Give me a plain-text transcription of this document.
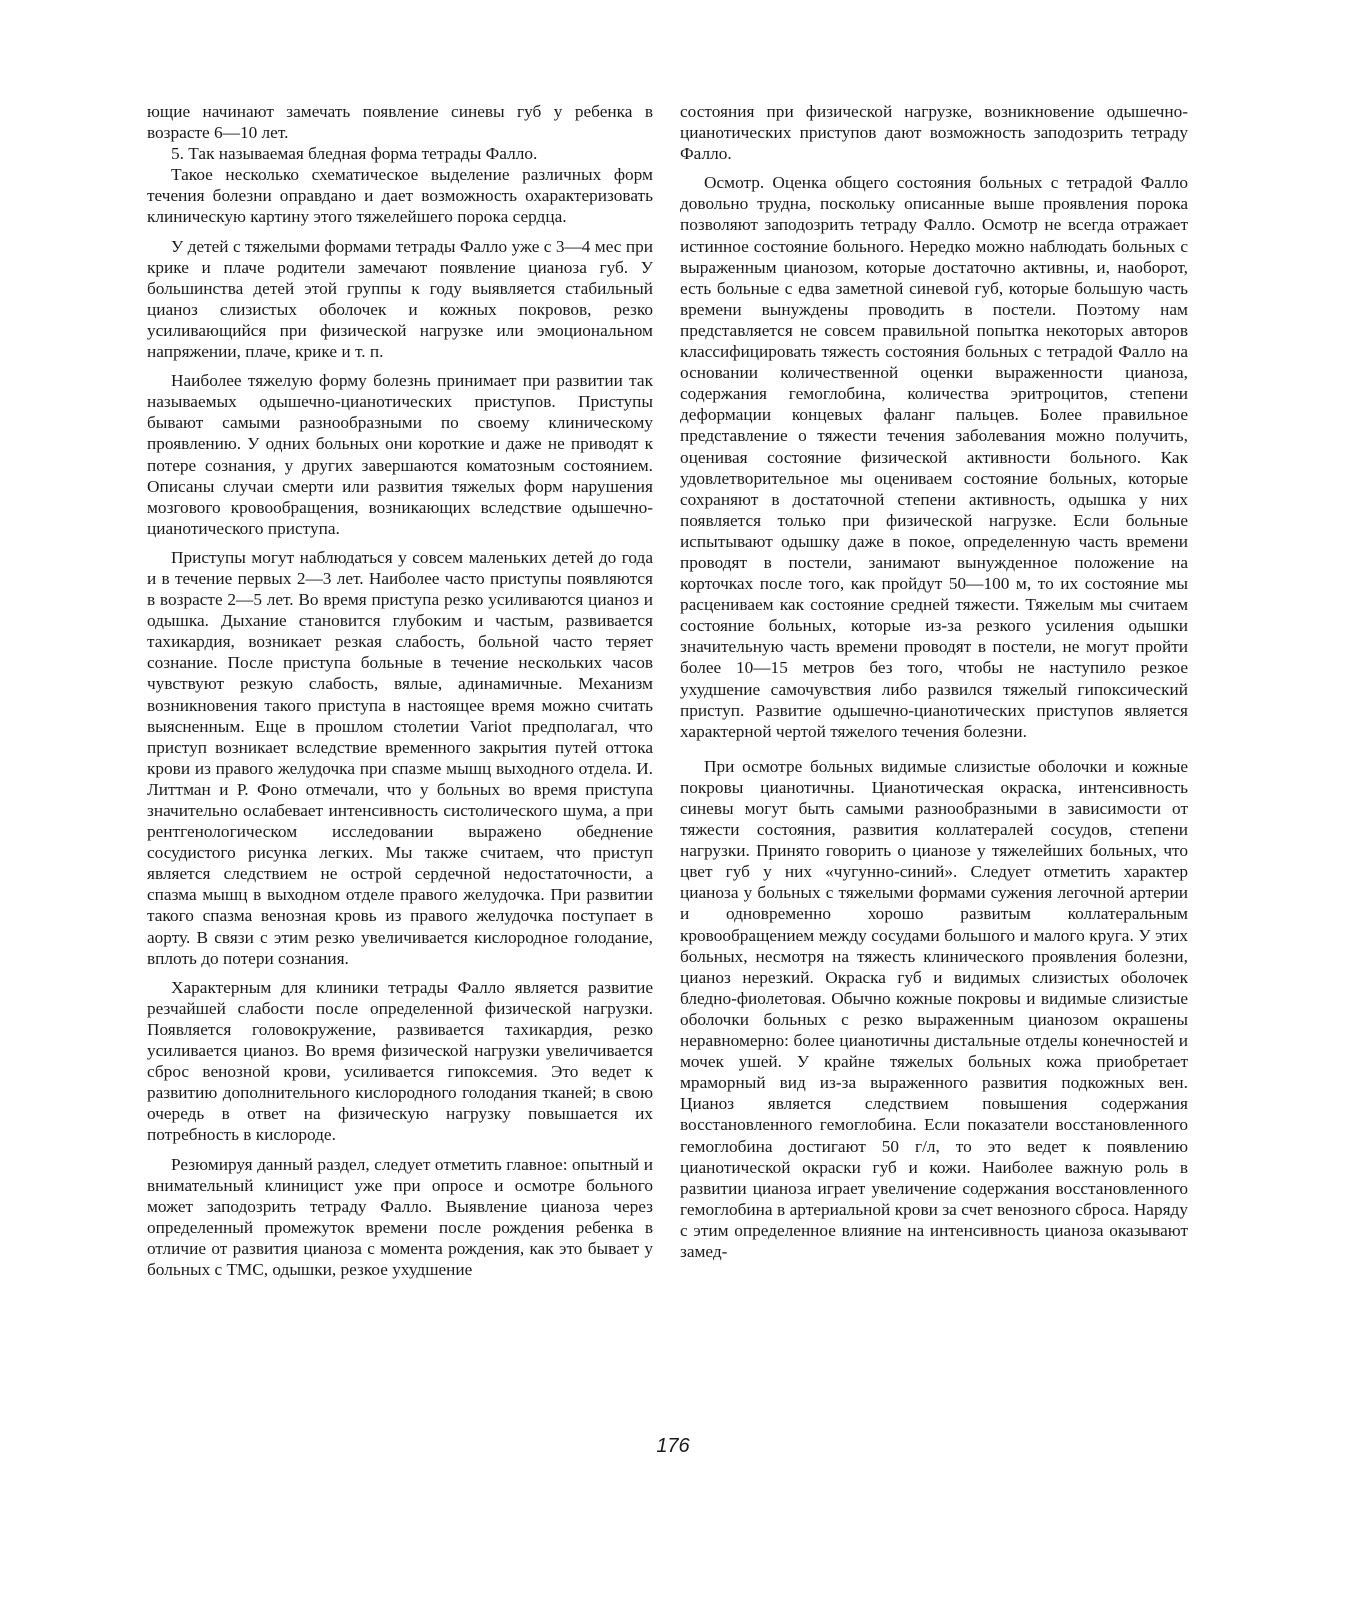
ющие начинают замечать появление синевы губ у ребенка в возрасте 6—10 лет.

5. Так называемая бледная форма тетрады Фалло.

Такое несколько схематическое выделение различных форм течения болезни оправдано и дает возможность охарактеризовать клиническую картину этого тяжелейшего порока сердца.

У детей с тяжелыми формами тетрады Фалло уже с 3—4 мес при крике и плаче родители замечают появление цианоза губ. У большинства детей этой группы к году выявляется стабильный цианоз слизистых оболочек и кожных покровов, резко усиливающийся при физической нагрузке или эмоциональном напряжении, плаче, крике и т. п.

Наиболее тяжелую форму болезнь принимает при развитии так называемых одышечно-цианотических приступов. Приступы бывают самыми разнообразными по своему клиническому проявлению. У одних больных они короткие и даже не приводят к потере сознания, у других завершаются коматозным состоянием. Описаны случаи смерти или развития тяжелых форм нарушения мозгового кровообращения, возникающих вследствие одышечно-цианотического приступа.

Приступы могут наблюдаться у совсем маленьких детей до года и в течение первых 2—3 лет. Наиболее часто приступы появляются в возрасте 2—5 лет. Во время приступа резко усиливаются цианоз и одышка. Дыхание становится глубоким и частым, развивается тахикардия, возникает резкая слабость, больной часто теряет сознание. После приступа больные в течение нескольких часов чувствуют резкую слабость, вялые, адинамичные. Механизм возникновения такого приступа в настоящее время можно считать выясненным. Еще в прошлом столетии Variot предполагал, что приступ возникает вследствие временного закрытия путей оттока крови из правого желудочка при спазме мышц выходного отдела. И. Литтман и Р. Фоно отмечали, что у больных во время приступа значительно ослабевает интенсивность систолического шума, а при рентгенологическом исследовании выражено обеднение сосудистого рисунка легких. Мы также считаем, что приступ является следствием не острой сердечной недостаточности, а спазма мышц в выходном отделе правого желудочка. При развитии такого спазма венозная кровь из правого желудочка поступает в аорту. В связи с этим резко увеличивается кислородное голодание, вплоть до потери сознания.

Характерным для клиники тетрады Фалло является развитие резчайшей слабости после определенной физической нагрузки. Появляется головокружение, развивается тахикардия, резко усиливается цианоз. Во время физической нагрузки увеличивается сброс венозной крови, усиливается гипоксемия. Это ведет к развитию дополнительного кислородного голодания тканей; в свою очередь в ответ на физическую нагрузку повышается их потребность в кислороде.

Резюмируя данный раздел, следует отметить главное: опытный и внимательный клиницист уже при опросе и осмотре больного может заподозрить тетраду Фалло. Выявление цианоза через определенный промежуток времени после рождения ребенка в отличие от развития цианоза с момента рождения, как это бывает у больных с ТМС, одышки, резкое ухудшение

состояния при физической нагрузке, возникновение одышечно-цианотических приступов дают возможность заподозрить тетраду Фалло.

Осмотр. Оценка общего состояния больных с тетрадой Фалло довольно трудна, поскольку описанные выше проявления порока позволяют заподозрить тетраду Фалло. Осмотр не всегда отражает истинное состояние больного. Нередко можно наблюдать больных с выраженным цианозом, которые достаточно активны, и, наоборот, есть больные с едва заметной синевой губ, которые большую часть времени вынуждены проводить в постели. Поэтому нам представляется не совсем правильной попытка некоторых авторов классифицировать тяжесть состояния больных с тетрадой Фалло на основании количественной оценки выраженности цианоза, содержания гемоглобина, количества эритроцитов, степени деформации концевых фаланг пальцев. Более правильное представление о тяжести течения заболевания можно получить, оценивая состояние физической активности больного. Как удовлетворительное мы оцениваем состояние больных, которые сохраняют в достаточной степени активность, одышка у них появляется только при физической нагрузке. Если больные испытывают одышку даже в покое, определенную часть времени проводят в постели, занимают вынужденное положение на корточках после того, как пройдут 50—100 м, то их состояние мы расцениваем как состояние средней тяжести. Тяжелым мы считаем состояние больных, которые из-за резкого усиления одышки значительную часть времени проводят в постели, не могут пройти более 10—15 метров без того, чтобы не наступило резкое ухудшение самочувствия либо развился тяжелый гипоксический приступ. Развитие одышечно-цианотических приступов является характерной чертой тяжелого течения болезни.

При осмотре больных видимые слизистые оболочки и кожные покровы цианотичны. Цианотическая окраска, интенсивность синевы могут быть самыми разнообразными в зависимости от тяжести состояния, развития коллатералей сосудов, степени нагрузки. Принято говорить о цианозе у тяжелейших больных, что цвет губ у них «чугунно-синий». Следует отметить характер цианоза у больных с тяжелыми формами сужения легочной артерии и одновременно хорошо развитым коллатеральным кровообращением между сосудами большого и малого круга. У этих больных, несмотря на тяжесть клинического проявления болезни, цианоз нерезкий. Окраска губ и видимых слизистых оболочек бледно-фиолетовая. Обычно кожные покровы и видимые слизистые оболочки больных с резко выраженным цианозом окрашены неравномерно: более цианотичны дистальные отделы конечностей и мочек ушей. У крайне тяжелых больных кожа приобретает мраморный вид из-за выраженного развития подкожных вен. Цианоз является следствием повышения содержания восстановленного гемоглобина. Если показатели восстановленного гемоглобина достигают 50 г/л, то это ведет к появлению цианотической окраски губ и кожи. Наиболее важную роль в развитии цианоза играет увеличение содержания восстановленного гемоглобина в артериальной крови за счет венозного сброса. Наряду с этим определенное влияние на интенсивность цианоза оказывают замед-

176
